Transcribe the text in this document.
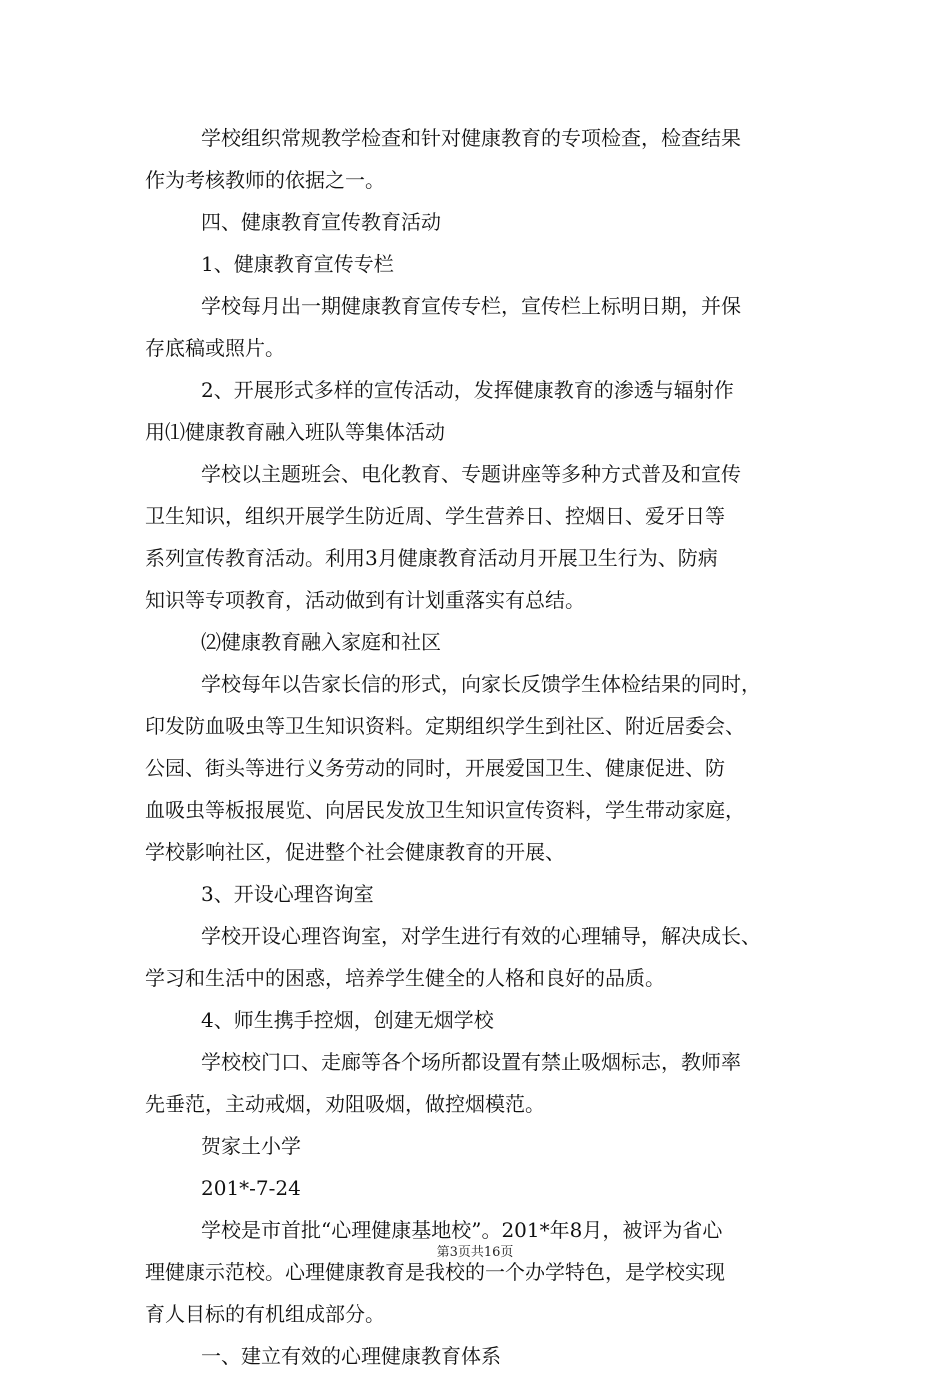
学校组织常规教学检查和针对健康教育的专项检查，检查结果
作为考核教师的依据之一。
四、健康教育宣传教育活动
1、健康教育宣传专栏
学校每月出一期健康教育宣传专栏，宣传栏上标明日期，并保
存底稿或照片。
2、开展形式多样的宣传活动，发挥健康教育的渗透与辐射作
用⑴健康教育融入班队等集体活动
学校以主题班会、电化教育、专题讲座等多种方式普及和宣传
卫生知识，组织开展学生防近周、学生营养日、控烟日、爱牙日等
系列宣传教育活动。利用3月健康教育活动月开展卫生行为、防病
知识等专项教育，活动做到有计划重落实有总结。
⑵健康教育融入家庭和社区
学校每年以告家长信的形式，向家长反馈学生体检结果的同时，
印发防血吸虫等卫生知识资料。定期组织学生到社区、附近居委会、
公园、街头等进行义务劳动的同时，开展爱国卫生、健康促进、防
血吸虫等板报展览、向居民发放卫生知识宣传资料，学生带动家庭，
学校影响社区，促进整个社会健康教育的开展、
3、开设心理咨询室
学校开设心理咨询室，对学生进行有效的心理辅导，解决成长、
学习和生活中的困惑，培养学生健全的人格和良好的品质。
4、师生携手控烟，创建无烟学校
学校校门口、走廊等各个场所都设置有禁止吸烟标志，教师率
先垂范，主动戒烟，劝阻吸烟，做控烟模范。
贺家土小学
201*-7-24
学校是市首批“心理健康基地校”。201*年8月，被评为省心
理健康示范校。心理健康教育是我校的一个办学特色，是学校实现
育人目标的有机组成部分。
一、建立有效的心理健康教育体系
第3页共16页
